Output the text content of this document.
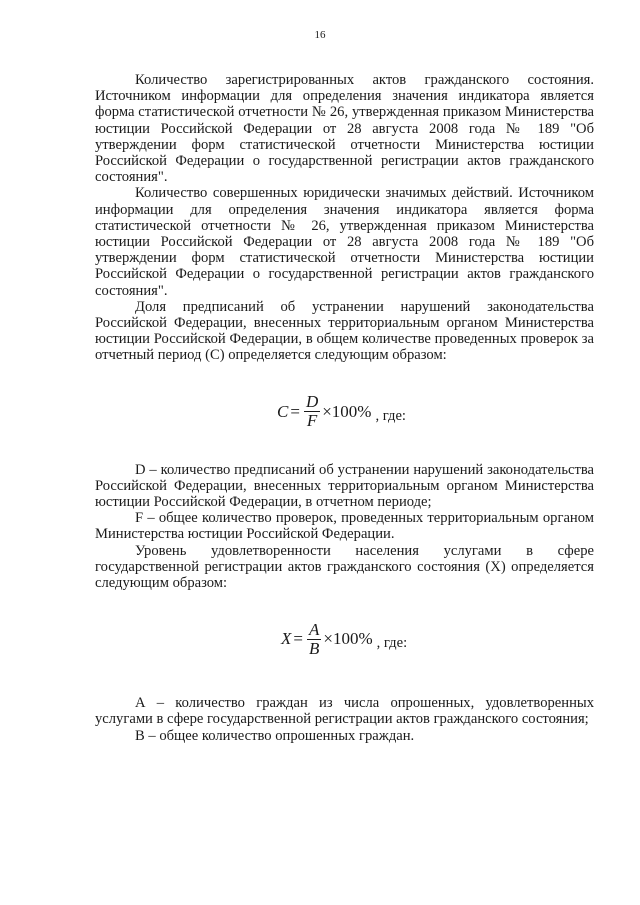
16

Количество зарегистрированных актов гражданского состояния. Источником информации для определения значения индикатора является форма статистической отчетности № 26, утвержденная приказом Министерства юстиции Российской Федерации от 28 августа 2008 года № 189 "Об утверждении форм статистической отчетности Министерства юстиции Российской Федерации о государственной регистрации актов гражданского состояния".

Количество совершенных юридически значимых действий. Источником информации для определения значения индикатора является форма статистической отчетности № 26, утвержденная приказом Министерства юстиции Российской Федерации от 28 августа 2008 года № 189 "Об утверждении форм статистической отчетности Министерства юстиции Российской Федерации о государственной регистрации актов гражданского состояния".

Доля предписаний об устранении нарушений законодательства Российской Федерации, внесенных территориальным органом Министерства юстиции Российской Федерации, в общем количестве проведенных проверок за отчетный период (С) определяется следующим образом:

$C = \frac{D}{F} \times 100\%$ , где:

D – количество предписаний об устранении нарушений законодательства Российской Федерации, внесенных территориальным органом Министерства юстиции Российской Федерации, в отчетном периоде;

F – общее количество проверок, проведенных территориальным органом Министерства юстиции Российской Федерации.

Уровень удовлетворенности населения услугами в сфере государственной регистрации актов гражданского состояния (Х) определяется следующим образом:

$X = \frac{A}{B} \times 100\%$ , где:

А – количество граждан из числа опрошенных, удовлетворенных услугами в сфере государственной регистрации актов гражданского состояния;

В – общее количество опрошенных граждан.
